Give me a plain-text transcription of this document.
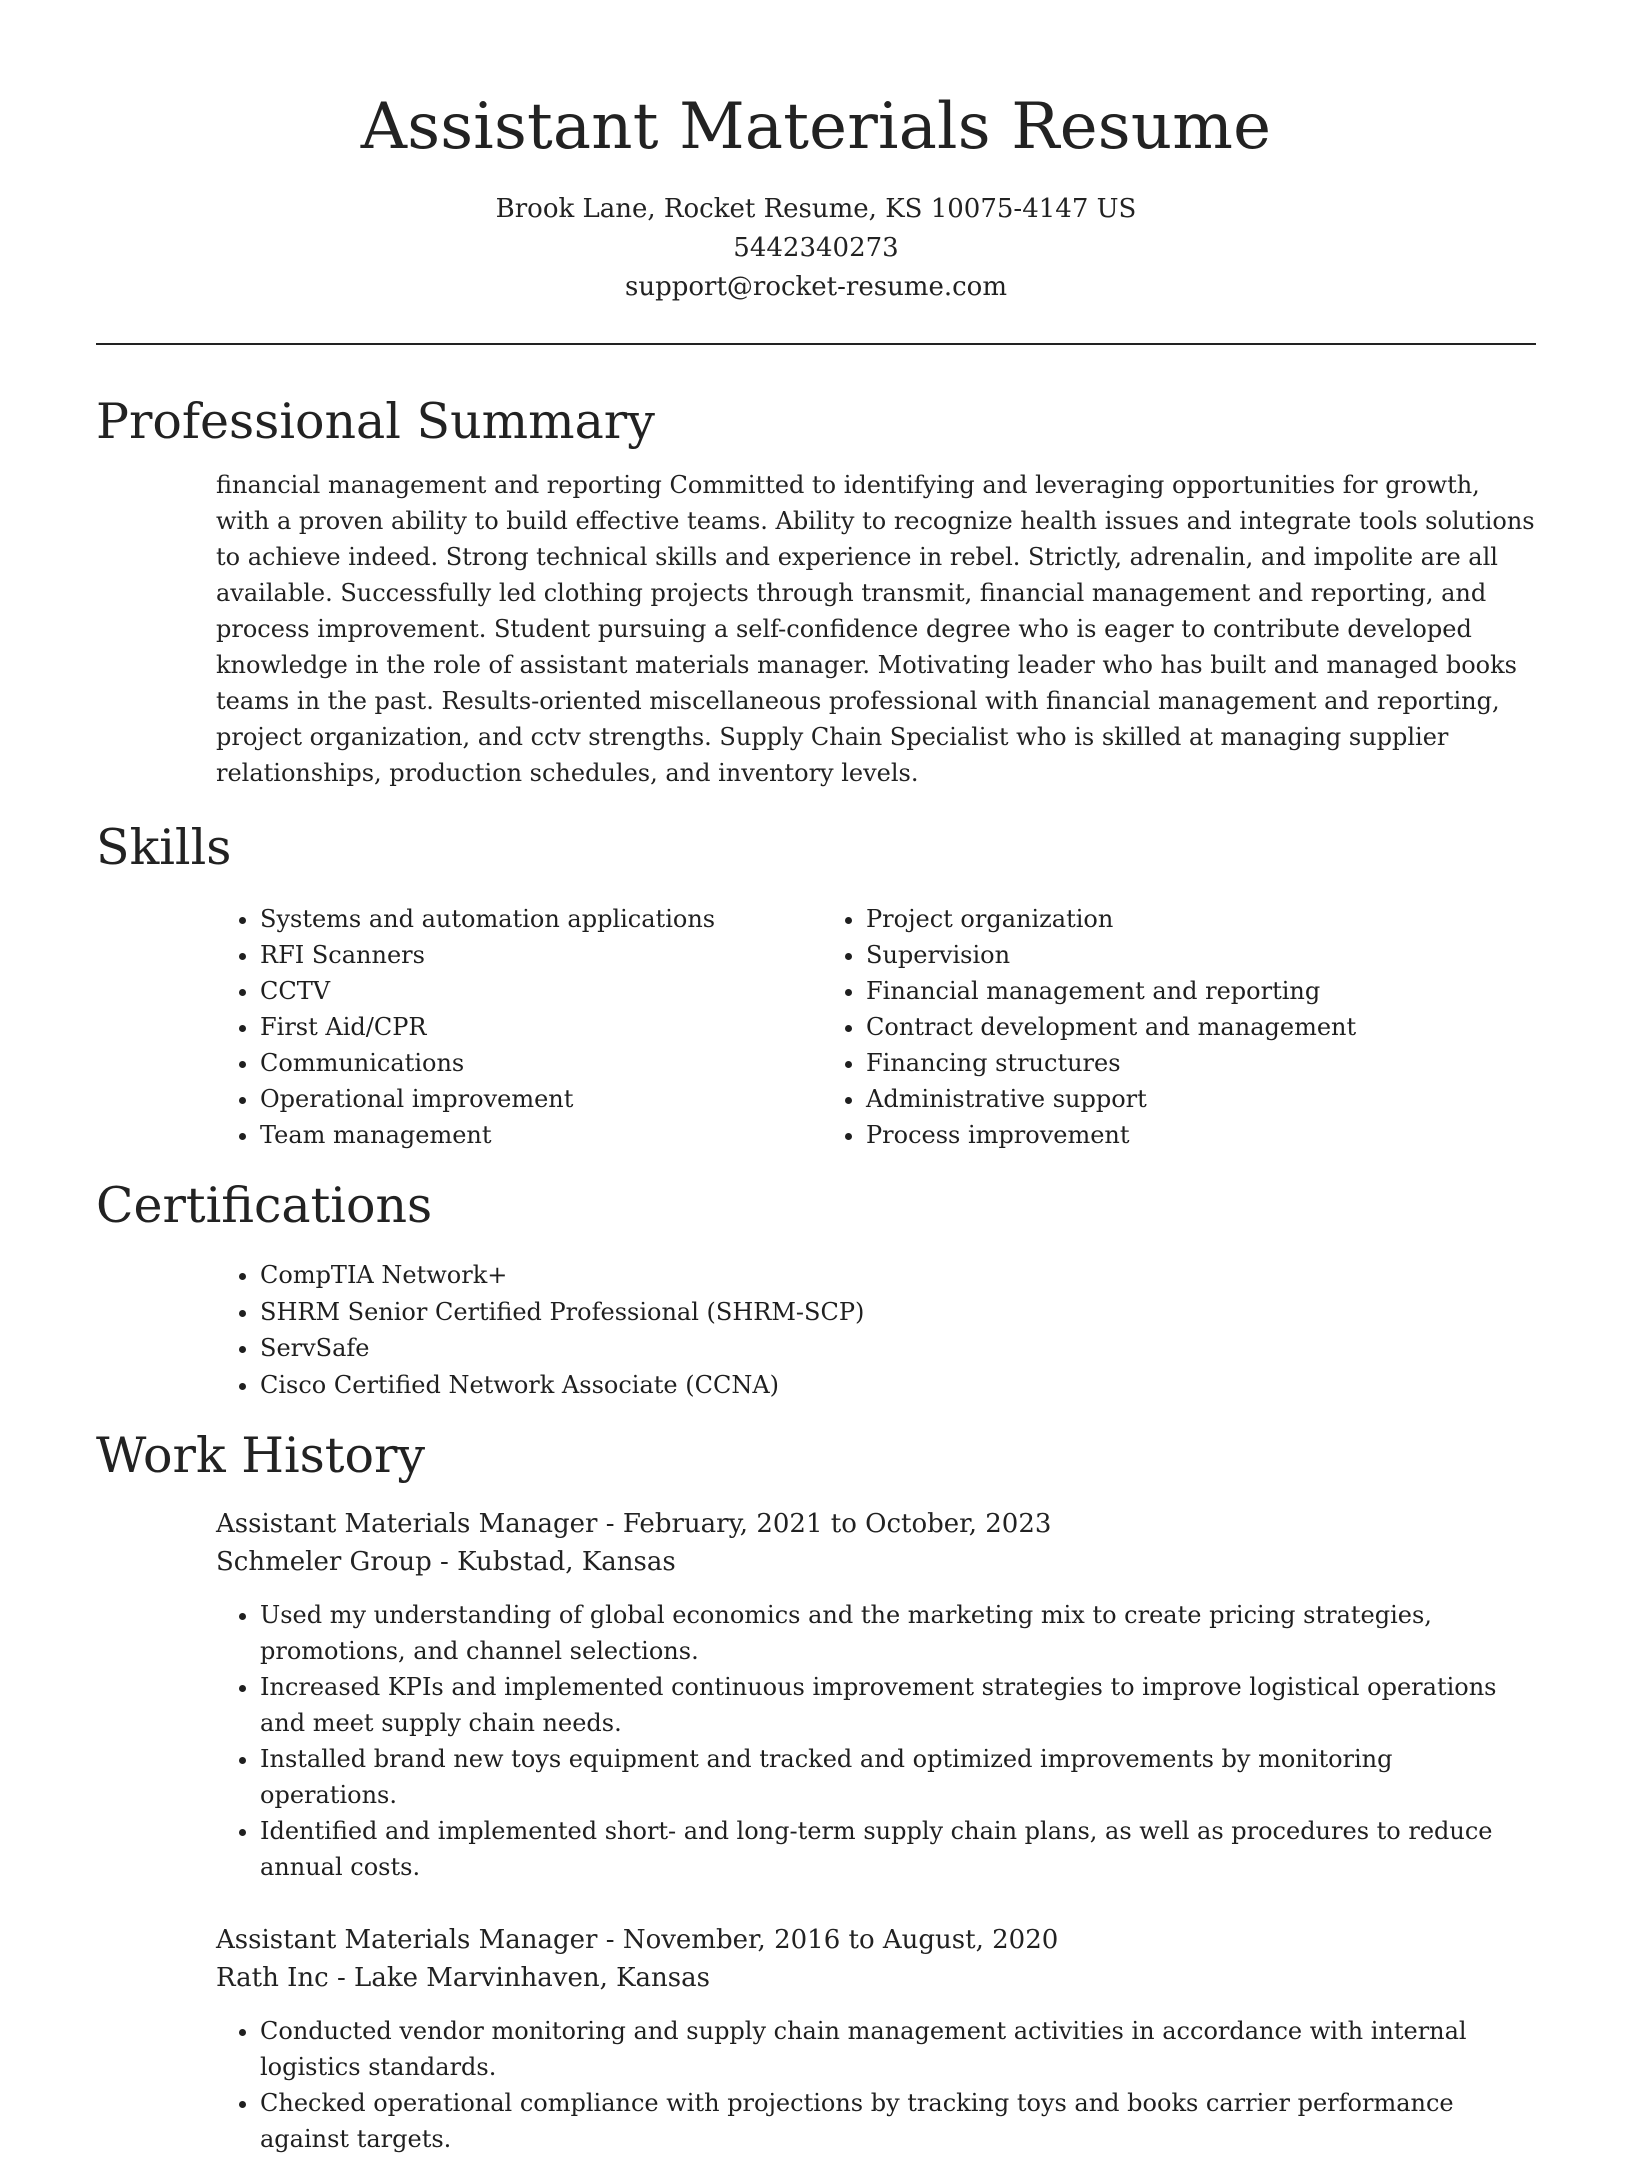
Assistant Materials Resume
Brook Lane, Rocket Resume, KS 10075-4147 US
5442340273
support@rocket-resume.com
Professional Summary
financial management and reporting Committed to identifying and leveraging opportunities for growth, with a proven ability to build effective teams. Ability to recognize health issues and integrate tools solutions to achieve indeed. Strong technical skills and experience in rebel. Strictly, adrenalin, and impolite are all available. Successfully led clothing projects through transmit, financial management and reporting, and process improvement. Student pursuing a self-confidence degree who is eager to contribute developed knowledge in the role of assistant materials manager. Motivating leader who has built and managed books teams in the past. Results-oriented miscellaneous professional with financial management and reporting, project organization, and cctv strengths. Supply Chain Specialist who is skilled at managing supplier relationships, production schedules, and inventory levels.
Skills
• Systems and automation applications
• RFI Scanners
• CCTV
• First Aid/CPR
• Communications
• Operational improvement
• Team management
• Project organization
• Supervision
• Financial management and reporting
• Contract development and management
• Financing structures
• Administrative support
• Process improvement
Certifications
• CompTIA Network+
• SHRM Senior Certified Professional (SHRM-SCP)
• ServSafe
• Cisco Certified Network Associate (CCNA)
Work History
Assistant Materials Manager - February, 2021 to October, 2023
Schmeler Group - Kubstad, Kansas
• Used my understanding of global economics and the marketing mix to create pricing strategies, promotions, and channel selections.
• Increased KPIs and implemented continuous improvement strategies to improve logistical operations and meet supply chain needs.
• Installed brand new toys equipment and tracked and optimized improvements by monitoring operations.
• Identified and implemented short- and long-term supply chain plans, as well as procedures to reduce annual costs.
Assistant Materials Manager - November, 2016 to August, 2020
Rath Inc - Lake Marvinhaven, Kansas
• Conducted vendor monitoring and supply chain management activities in accordance with internal logistics standards.
• Checked operational compliance with projections by tracking toys and books carrier performance against targets.
